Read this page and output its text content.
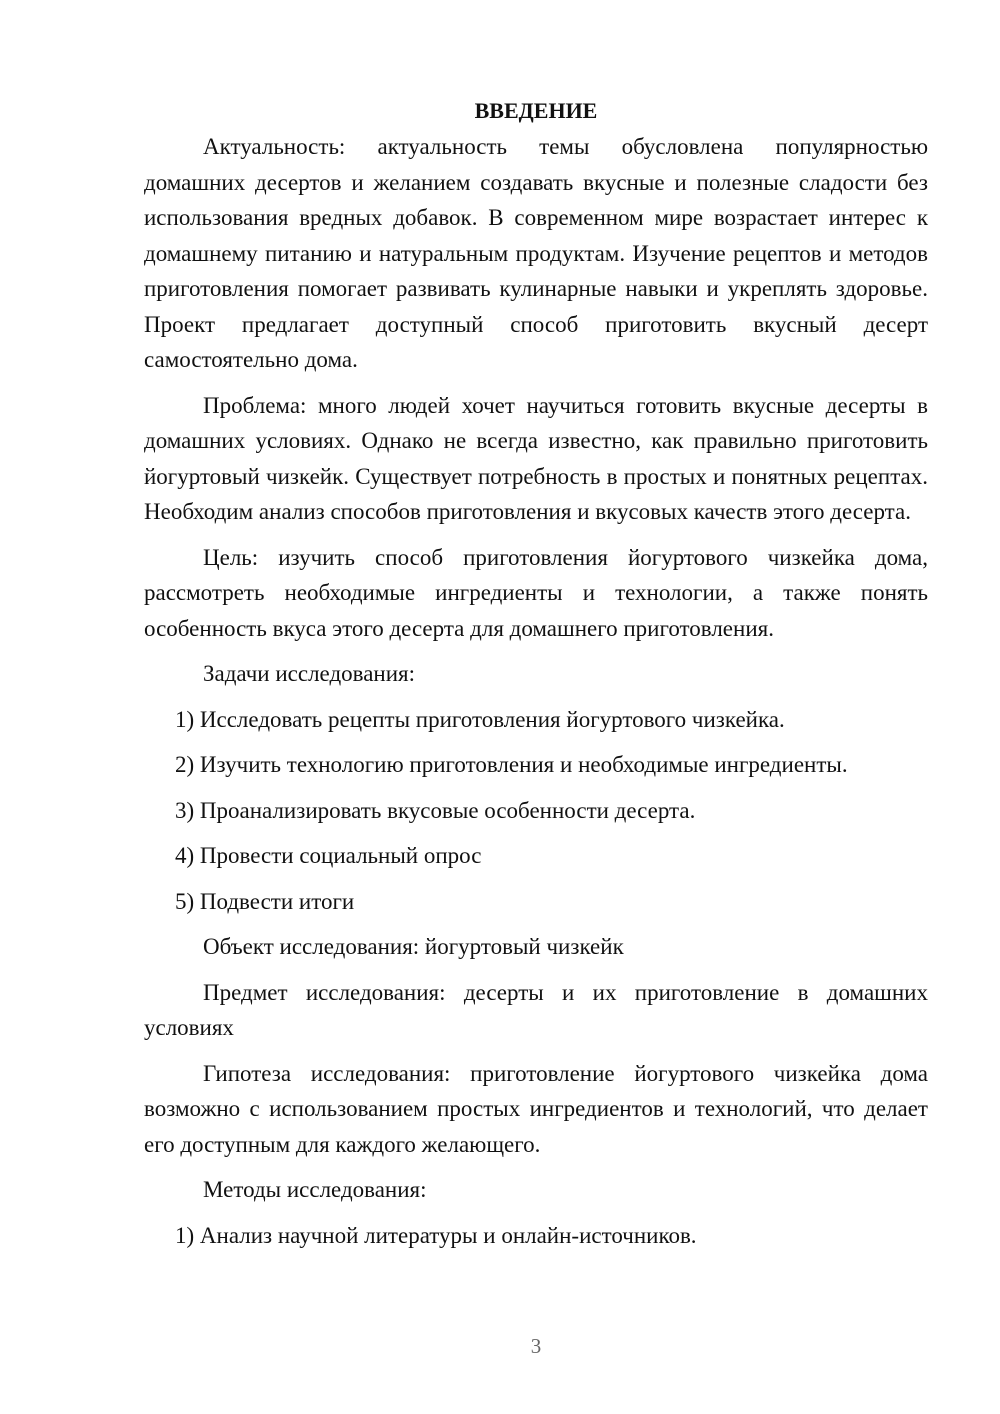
ВВЕДЕНИЕ

Актуальность: актуальность темы обусловлена популярностью домашних десертов и желанием создавать вкусные и полезные сладости без использования вредных добавок. В современном мире возрастает интерес к домашнему питанию и натуральным продуктам. Изучение рецептов и методов приготовления помогает развивать кулинарные навыки и укреплять здоровье. Проект предлагает доступный способ приготовить вкусный десерт самостоятельно дома.

Проблема: много людей хочет научиться готовить вкусные десерты в домашних условиях. Однако не всегда известно, как правильно приготовить йогуртовый чизкейк. Существует потребность в простых и понятных рецептах. Необходим анализ способов приготовления и вкусовых качеств этого десерта.

Цель: изучить способ приготовления йогуртового чизкейка дома, рассмотреть необходимые ингредиенты и технологии, а также понять особенность вкуса этого десерта для домашнего приготовления.

Задачи исследования:

1) Исследовать рецепты приготовления йогуртового чизкейка.

2) Изучить технологию приготовления и необходимые ингредиенты.

3) Проанализировать вкусовые особенности десерта.

4) Провести социальный опрос

5) Подвести итоги

Объект исследования: йогуртовый чизкейк

Предмет исследования: десерты и их приготовление в домашних условиях

Гипотеза исследования: приготовление йогуртового чизкейка дома возможно с использованием простых ингредиентов и технологий, что делает его доступным для каждого желающего.

Методы исследования:

1) Анализ научной литературы и онлайн-источников.

3
